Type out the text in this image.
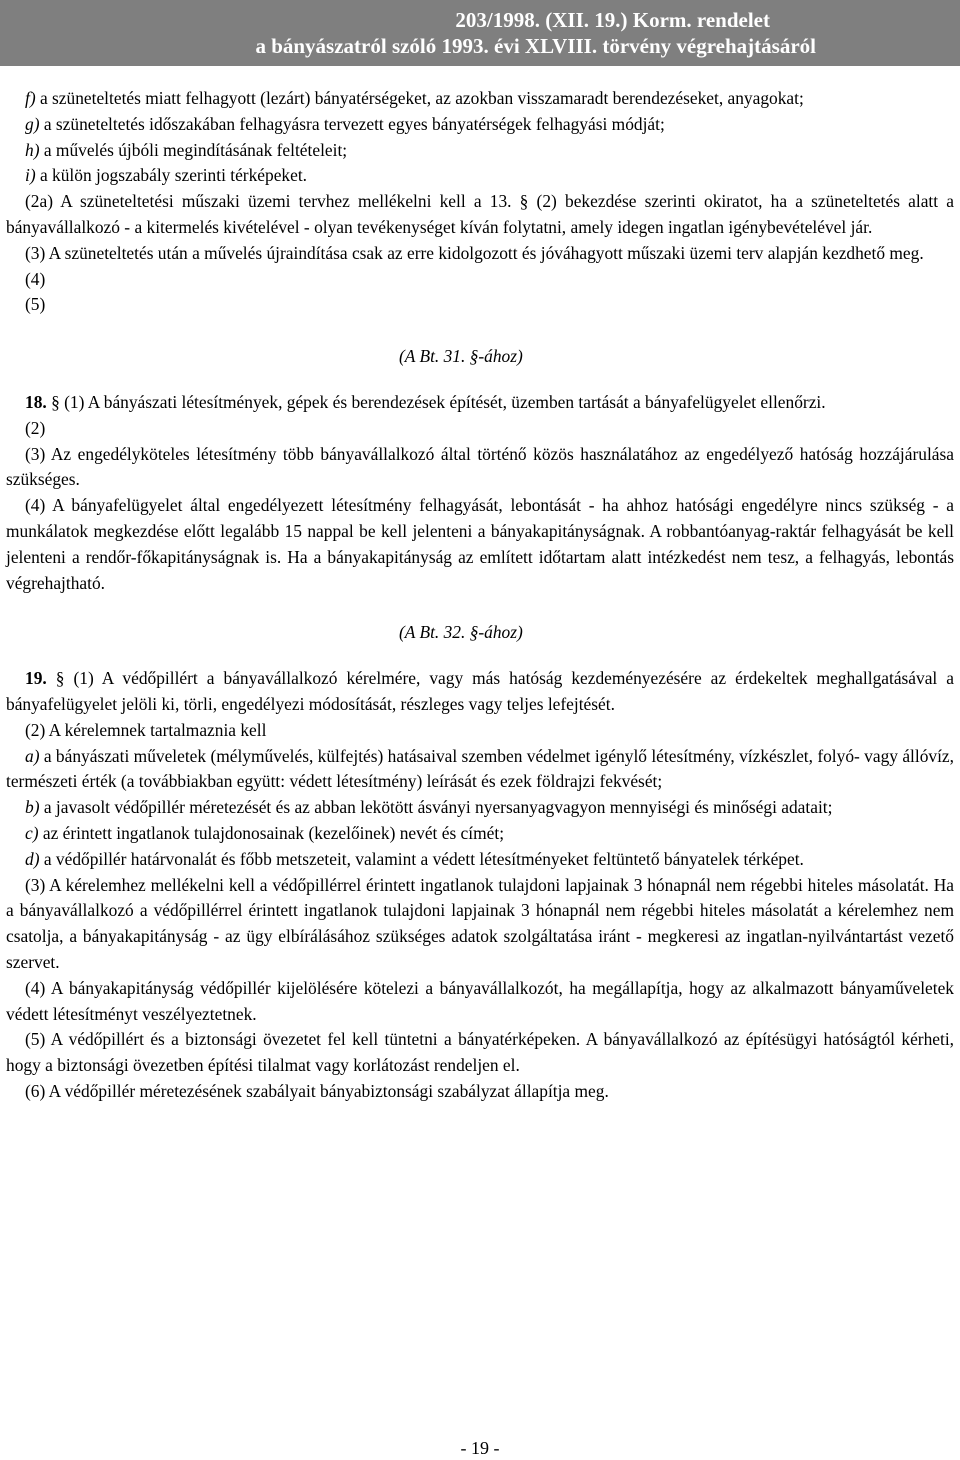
203/1998. (XII. 19.) Korm. rendelet
a bányászatról szóló 1993. évi XLVIII. törvény végrehajtásáról

f) a szüneteltetés miatt felhagyott (lezárt) bányatérségeket, az azokban visszamaradt berendezéseket, anyagokat;

g) a szüneteltetés időszakában felhagyásra tervezett egyes bányatérségek felhagyási módját;

h) a művelés újbóli megindításának feltételeit;

i) a külön jogszabály szerinti térképeket.

(2a) A szüneteltetési műszaki üzemi tervhez mellékelni kell a 13. § (2) bekezdése szerinti okiratot, ha a szüneteltetés alatt a bányavállalkozó - a kitermelés kivételével - olyan tevékenységet kíván folytatni, amely idegen ingatlan igénybevételével jár.

(3) A szüneteltetés után a művelés újraindítása csak az erre kidolgozott és jóváhagyott műszaki üzemi terv alapján kezdhető meg.

(4)

(5)

(A Bt. 31. §-ához)

18. § (1) A bányászati létesítmények, gépek és berendezések építését, üzemben tartását a bányafelügyelet ellenőrzi.

(2)

(3) Az engedélyköteles létesítmény több bányavállalkozó által történő közös használatához az engedélyező hatóság hozzájárulása szükséges.

(4) A bányafelügyelet által engedélyezett létesítmény felhagyását, lebontását - ha ahhoz hatósági engedélyre nincs szükség - a munkálatok megkezdése előtt legalább 15 nappal be kell jelenteni a bányakapitányságnak. A robbantóanyag-raktár felhagyását be kell jelenteni a rendőr-főkapitányságnak is. Ha a bányakapitányság az említett időtartam alatt intézkedést nem tesz, a felhagyás, lebontás végrehajtható.

(A Bt. 32. §-ához)

19. § (1) A védőpillért a bányavállalkozó kérelmére, vagy más hatóság kezdeményezésére az érdekeltek meghallgatásával a bányafelügyelet jelöli ki, törli, engedélyezi módosítását, részleges vagy teljes lefejtését.

(2) A kérelemnek tartalmaznia kell

a) a bányászati műveletek (mélyművelés, külfejtés) hatásaival szemben védelmet igénylő létesítmény, vízkészlet, folyó- vagy állóvíz, természeti érték (a továbbiakban együtt: védett létesítmény) leírását és ezek földrajzi fekvését;

b) a javasolt védőpillér méretezését és az abban lekötött ásványi nyersanyagvagyon mennyiségi és minőségi adatait;

c) az érintett ingatlanok tulajdonosainak (kezelőinek) nevét és címét;

d) a védőpillér határvonalát és főbb metszeteit, valamint a védett létesítményeket feltüntető bányatelek térképet.

(3) A kérelemhez mellékelni kell a védőpillérrel érintett ingatlanok tulajdoni lapjainak 3 hónapnál nem régebbi hiteles másolatát. Ha a bányavállalkozó a védőpillérrel érintett ingatlanok tulajdoni lapjainak 3 hónapnál nem régebbi hiteles másolatát a kérelemhez nem csatolja, a bányakapitányság - az ügy elbírálásához szükséges adatok szolgáltatása iránt - megkeresi az ingatlan-nyilvántartást vezető szervet.

(4) A bányakapitányság védőpillér kijelölésére kötelezi a bányavállalkozót, ha megállapítja, hogy az alkalmazott bányaműveletek védett létesítményt veszélyeztetnek.

(5) A védőpillért és a biztonsági övezetet fel kell tüntetni a bányatérképeken. A bányavállalkozó az építésügyi hatóságtól kérheti, hogy a biztonsági övezetben építési tilalmat vagy korlátozást rendeljen el.

(6) A védőpillér méretezésének szabályait bányabiztonsági szabályzat állapítja meg.

- 19 -
